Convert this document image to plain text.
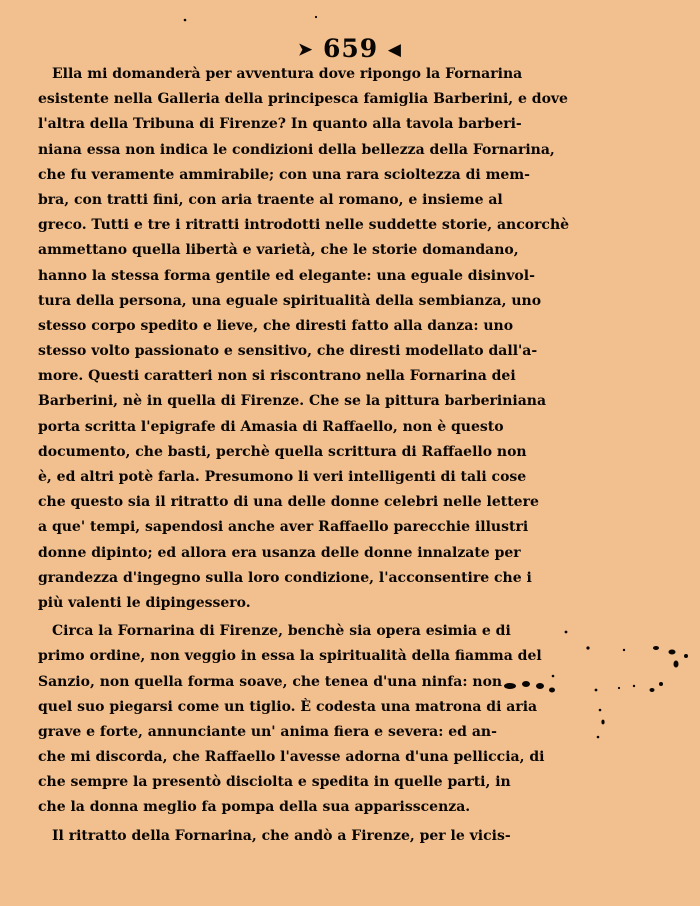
➤ 659 ◀
Ella mi domanderà per avventura dove ripongo la Fornarina
esistente nella Galleria della principesca famiglia Barberini, e dove
l'altra della Tribuna di Firenze? In quanto alla tavola barberi-
niana essa non indica le condizioni della bellezza della Fornarina,
che fu veramente ammirabile; con una rara scioltezza di mem-
bra, con tratti fini, con aria traente al romano, e insieme al
greco. Tutti e tre i ritratti introdotti nelle suddette storie, ancorchè
ammettano quella libertà e varietà, che le storie domandano,
hanno la stessa forma gentile ed elegante: una eguale disinvol-
tura della persona, una eguale spiritualità della sembianza, uno
stesso corpo spedito e lieve, che diresti fatto alla danza: uno
stesso volto passionato e sensitivo, che diresti modellato dall'a-
more. Questi caratteri non si riscontrano nella Fornarina dei
Barberini, nè in quella di Firenze. Che se la pittura barberiniana
porta scritta l'epigrafe di Amasia di Raffaello, non è questo
documento, che basti, perchè quella scrittura di Raffaello non
è, ed altri potè farla. Presumono li veri intelligenti di tali cose
che questo sia il ritratto di una delle donne celebri nelle lettere
a que' tempi, sapendosi anche aver Raffaello parecchie illustri
donne dipinto; ed allora era usanza delle donne innalzate per
grandezza d'ingegno sulla loro condizione, l'acconsentire che i
più valenti le dipingessero.
Circa la Fornarina di Firenze, benchè sia opera esimia e di
primo ordine, non veggio in essa la spiritualità della fiamma del
Sanzio, non quella forma soave, che tenea d'una ninfa: non
quel suo piegarsi come un tiglio. È codesta una matrona di aria
grave e forte, annunciante un' anima fiera e severa: ed an-
che mi discorda, che Raffaello l'avesse adorna d'una pelliccia, di
che sempre la presentò disciolta e spedita in quelle parti, in
che la donna meglio fa pompa della sua apparisscenza.
Il ritratto della Fornarina, che andò a Firenze, per le vicis-
